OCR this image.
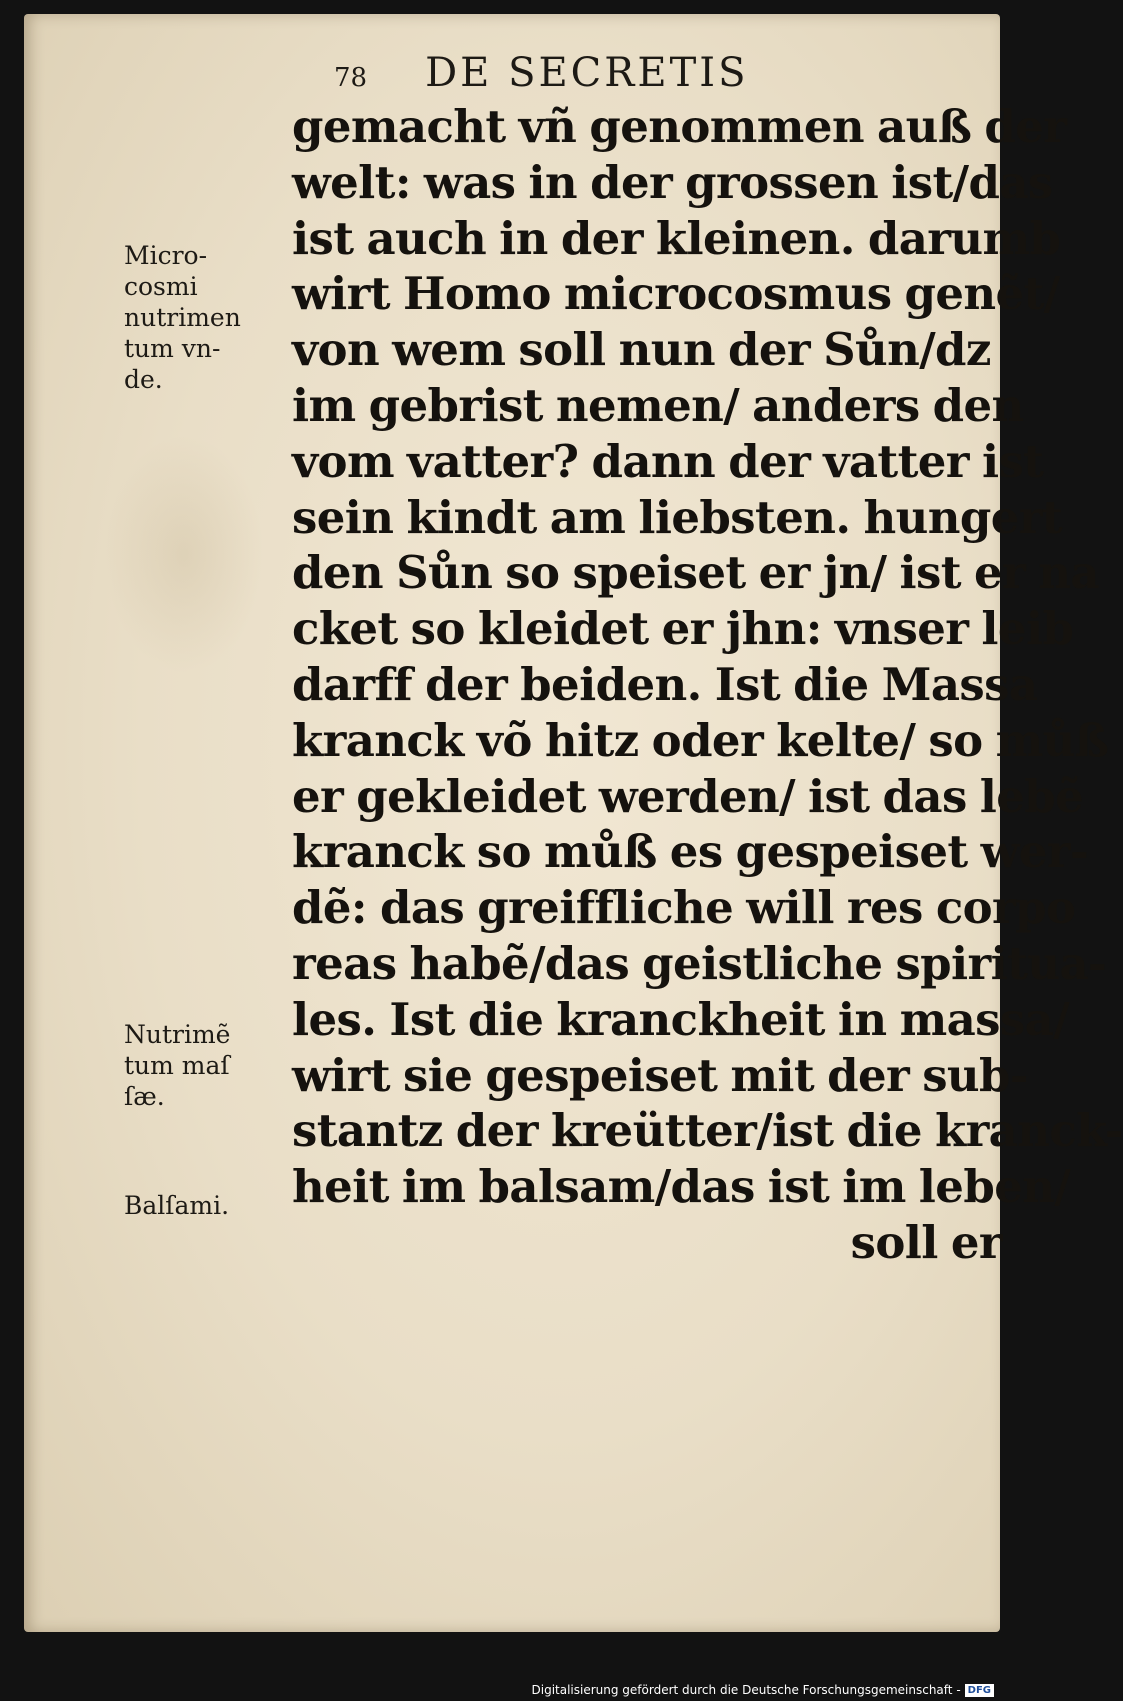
78 DE SECRETIS
gemacht vñ genommen auß der
welt: was in der grossen ist/das
ist auch in der kleinen. darumb
wirt Homo microcosmus genẽt/
von wem soll nun der Sůn/dz
im gebrist nemen/ anders den
vom vatter? dann der vatter ist
sein kindt am liebsten. hungert
den Sůn so speiset er jn/ ist er na
cket so kleidet er jhn: vnser leib
darff der beiden. Ist die Massa
kranck võ hitz oder kelte/ so můß
er gekleidet werden/ ist das lebẽ
kranck so můß es gespeiset wer-
dẽ: das greiffliche will res corpo
reas habẽ/das geistliche spiritua-
les. Ist die kranckheit in massa/
wirt sie gespeiset mit der sub-
stantz der kreütter/ist die kranck-
heit im balsam/das ist im leben/
soll er
Micro-
cosmi
nutrimen
tum vn-
de.
Nutrimẽ
tum maſ
ſæ.
Balſami.
Digitalisierung gefördert durch die Deutsche Forschungsgemeinschaft - DFG
